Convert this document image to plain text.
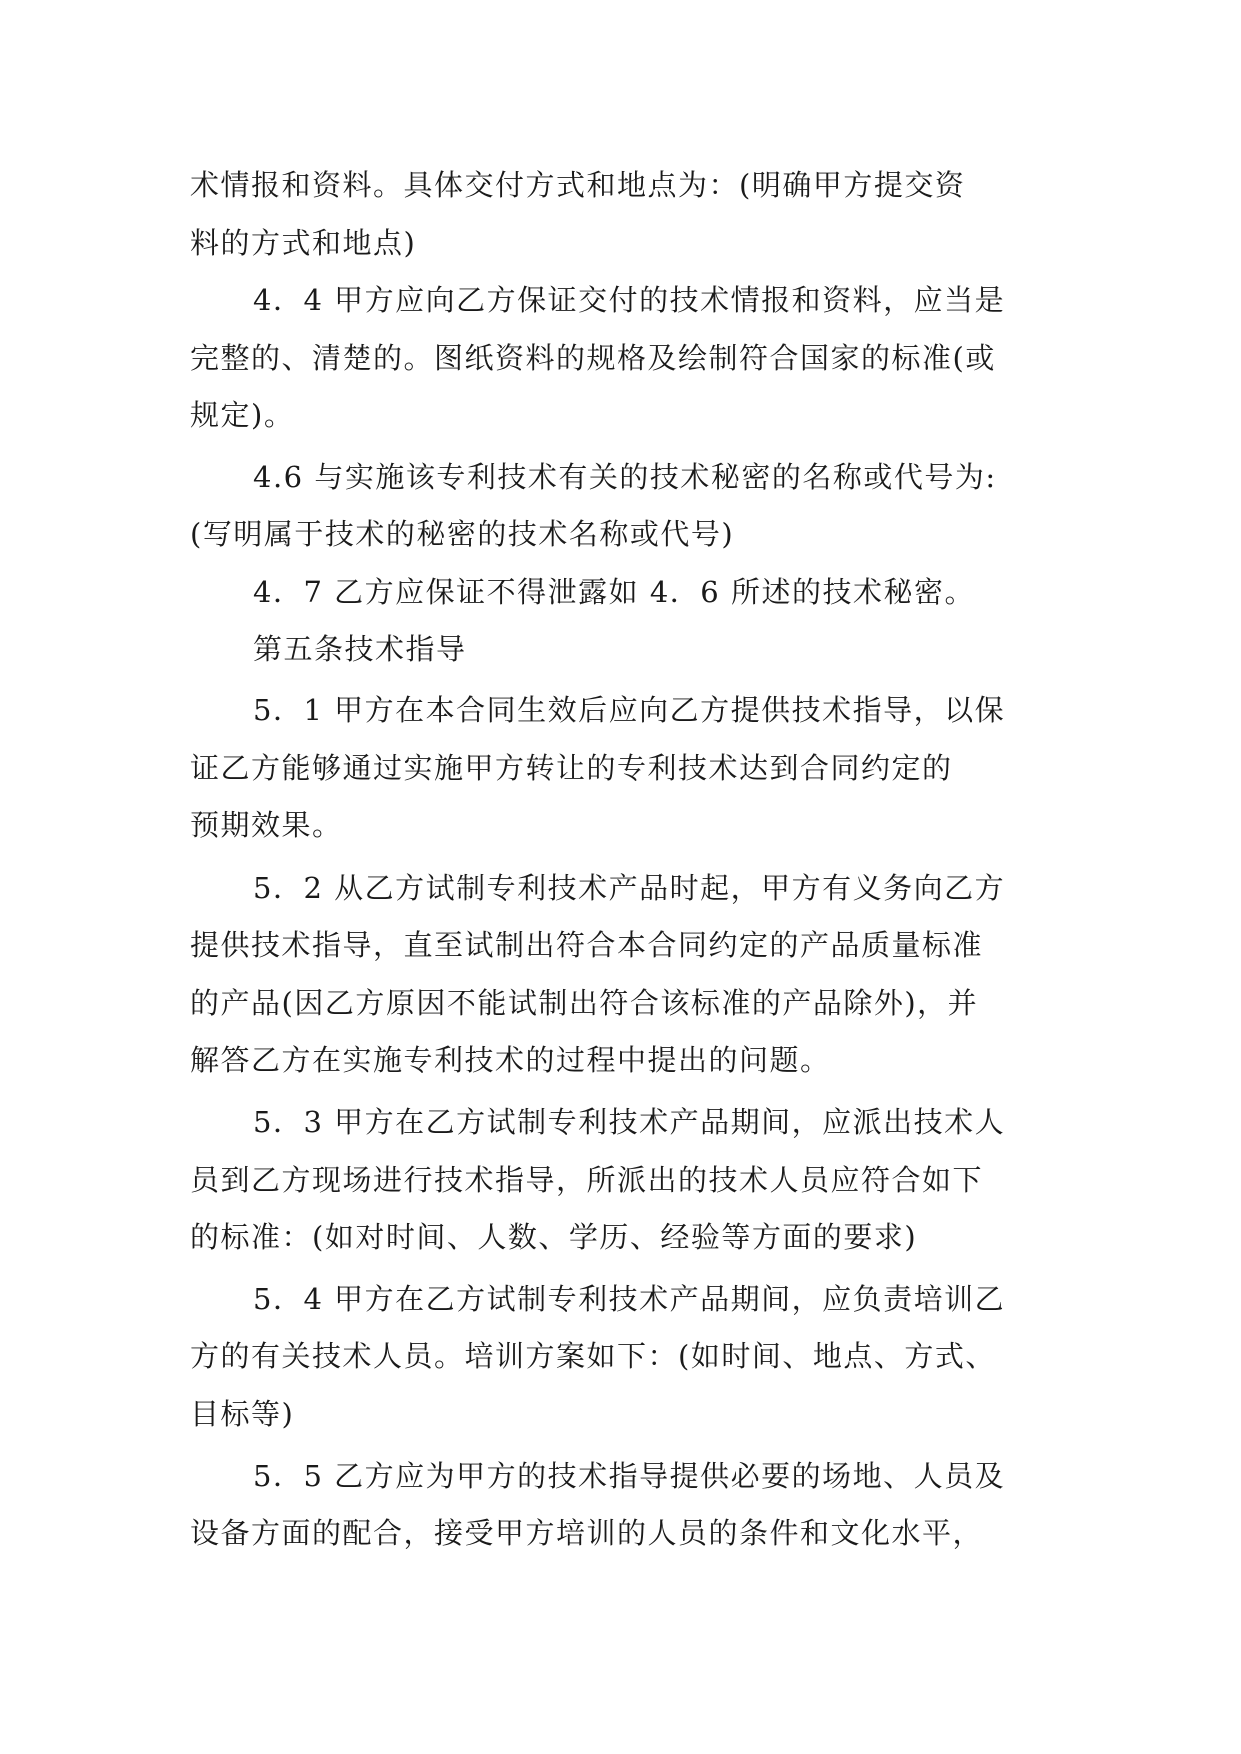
术情报和资料。具体交付方式和地点为：(明确甲方提交资
料的方式和地点)
4．4 甲方应向乙方保证交付的技术情报和资料，应当是
完整的、清楚的。图纸资料的规格及绘制符合国家的标准(或
规定)。
4.6 与实施该专利技术有关的技术秘密的名称或代号为:
(写明属于技术的秘密的技术名称或代号)
4．7 乙方应保证不得泄露如 4．6 所述的技术秘密。
第五条技术指导
5．1 甲方在本合同生效后应向乙方提供技术指导，以保
证乙方能够通过实施甲方转让的专利技术达到合同约定的
预期效果。
5．2 从乙方试制专利技术产品时起，甲方有义务向乙方
提供技术指导，直至试制出符合本合同约定的产品质量标准
的产品(因乙方原因不能试制出符合该标准的产品除外)，并
解答乙方在实施专利技术的过程中提出的问题。
5．3 甲方在乙方试制专利技术产品期间，应派出技术人
员到乙方现场进行技术指导，所派出的技术人员应符合如下
的标准：(如对时间、人数、学历、经验等方面的要求)
5．4 甲方在乙方试制专利技术产品期间，应负责培训乙
方的有关技术人员。培训方案如下：(如时间、地点、方式、
目标等)
5．5 乙方应为甲方的技术指导提供必要的场地、人员及
设备方面的配合，接受甲方培训的人员的条件和文化水平，
